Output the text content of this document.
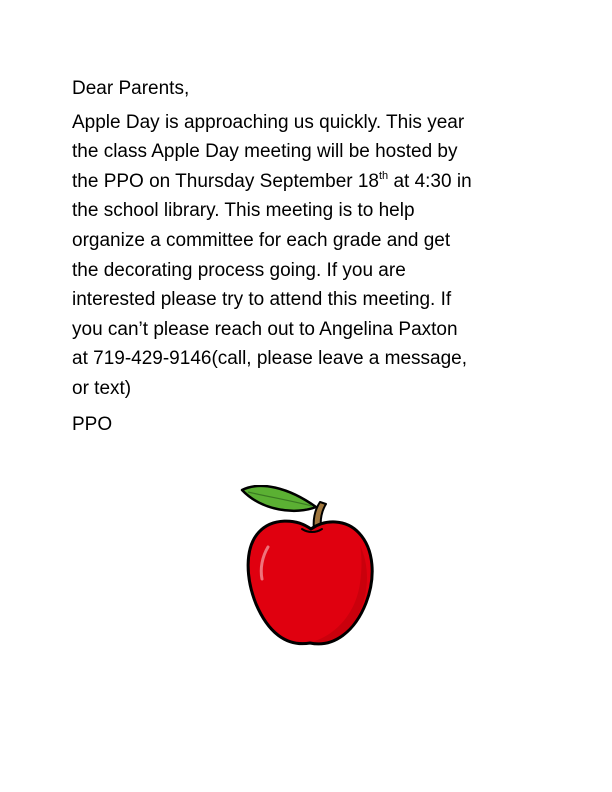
Dear Parents,
Apple Day is approaching us quickly. This year
the class Apple Day meeting will be hosted by
the PPO on Thursday September 18th at 4:30 in
the school library. This meeting is to help
organize a committee for each grade and get
the decorating process going. If you are
interested please try to attend this meeting. If
you can’t please reach out to Angelina Paxton
at 719-429-9146(call, please leave a message,
or text)
PPO
